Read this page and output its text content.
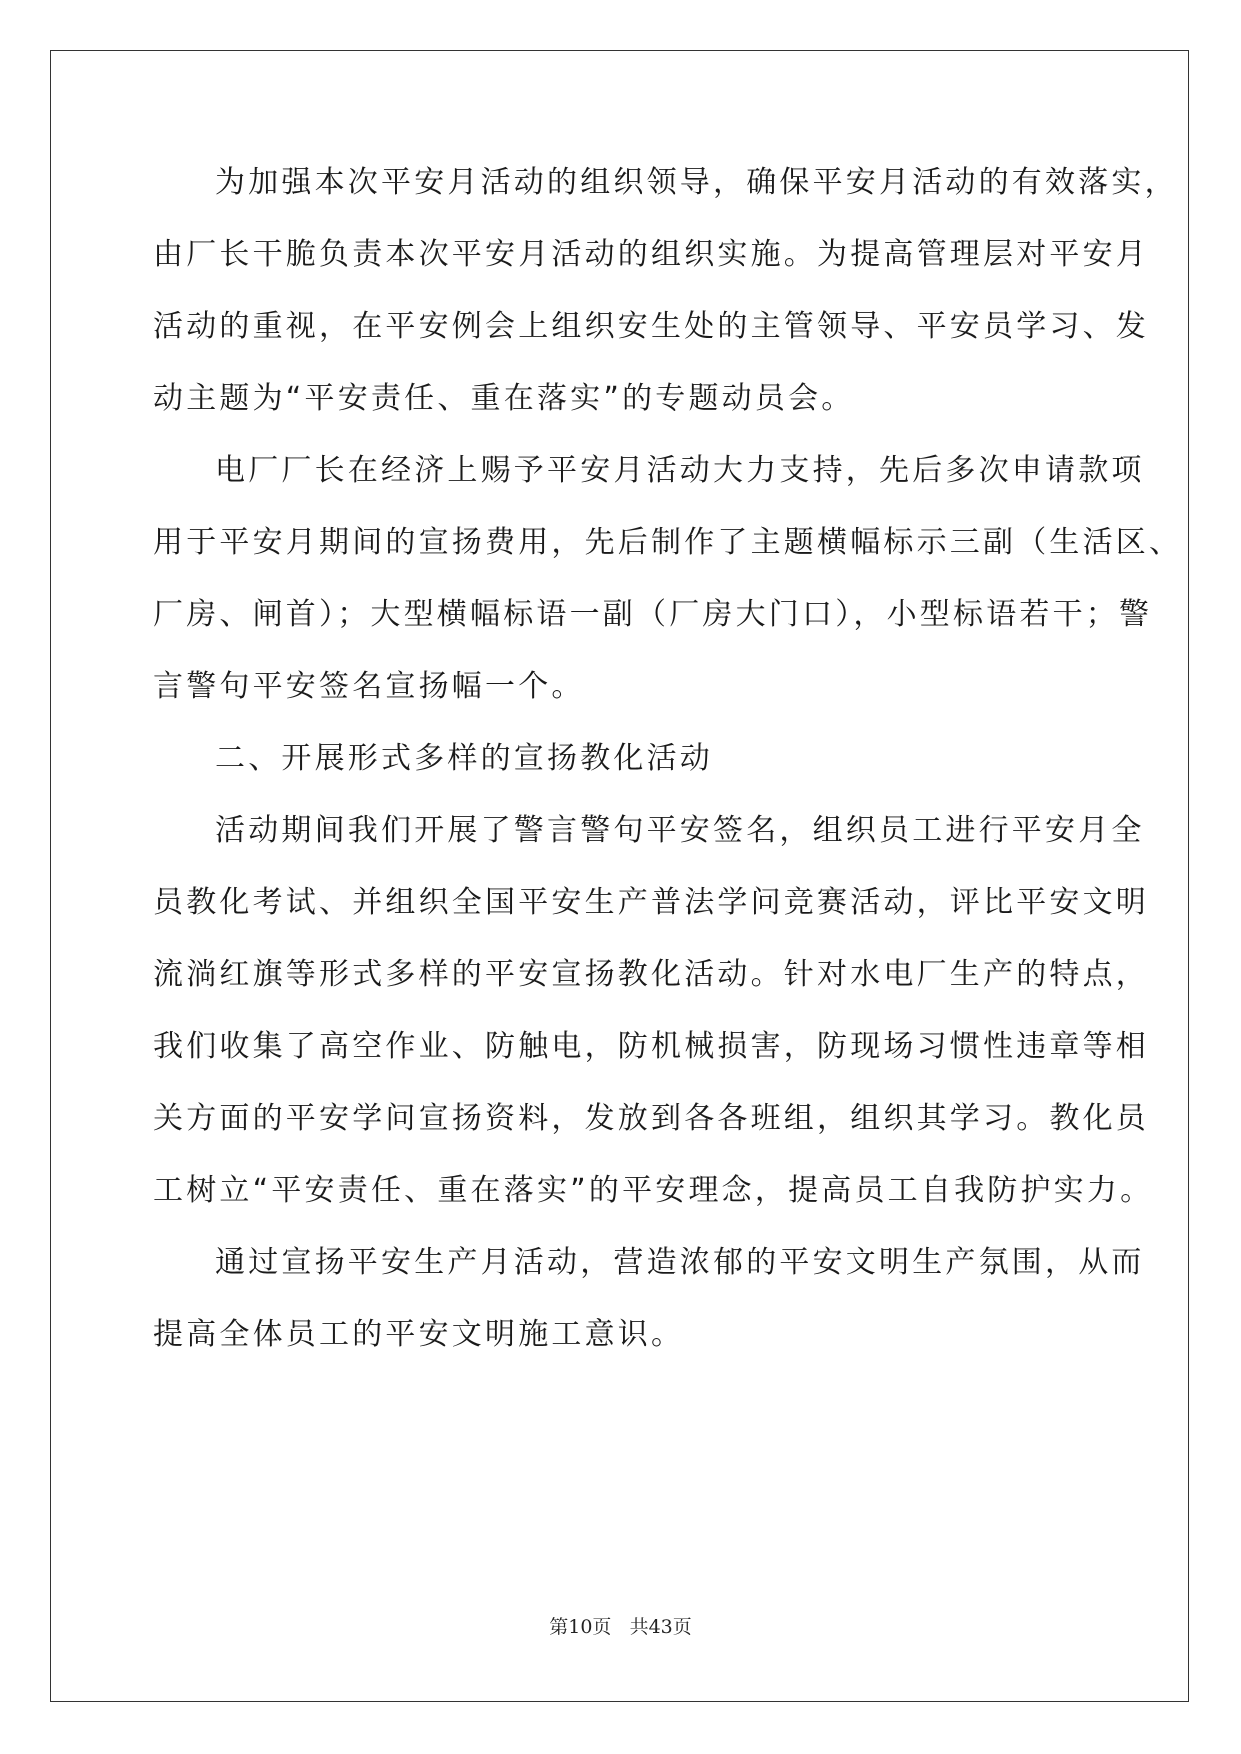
为加强本次平安月活动的组织领导，确保平安月活动的有效落实，
由厂长干脆负责本次平安月活动的组织实施。为提高管理层对平安月
活动的重视，在平安例会上组织安生处的主管领导、平安员学习、发
动主题为“平安责任、重在落实”的专题动员会。
电厂厂长在经济上赐予平安月活动大力支持，先后多次申请款项
用于平安月期间的宣扬费用，先后制作了主题横幅标示三副（生活区、
厂房、闸首）；大型横幅标语一副（厂房大门口），小型标语若干；警
言警句平安签名宣扬幅一个。
二、开展形式多样的宣扬教化活动
活动期间我们开展了警言警句平安签名，组织员工进行平安月全
员教化考试、并组织全国平安生产普法学问竞赛活动，评比平安文明
流淌红旗等形式多样的平安宣扬教化活动。针对水电厂生产的特点，
我们收集了高空作业、防触电，防机械损害，防现场习惯性违章等相
关方面的平安学问宣扬资料，发放到各各班组，组织其学习。教化员
工树立“平安责任、重在落实”的平安理念，提高员工自我防护实力。
通过宣扬平安生产月活动，营造浓郁的平安文明生产氛围，从而
提高全体员工的平安文明施工意识。
第10页 共43页
